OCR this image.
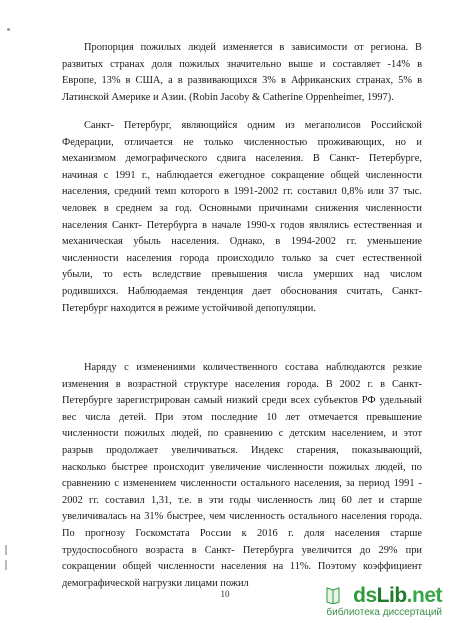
Пропорция пожилых людей изменяется в зависимости от региона. В
развитых странах доля пожилых значительно выше и составляет -14% в
Европе, 13% в США, а в развивающихся 3% в Африканских странах, 5% в
Латинской Америке и Азии. (Robin Jacoby & Catherine Oppenheimer, 1997).
Санкт- Петербург, являющийся одним из мегаполисов Российской
Федерации, отличается не только численностью проживающих, но и
механизмом демографического сдвига населения. В Санкт- Петербурге,
начиная с 1991 г., наблюдается ежегодное сокращение общей численности
населения, средний темп которого в 1991-2002 гг. составил 0,8% или 37 тыс.
человек в среднем за год. Основными причинами снижения численности
населения Санкт- Петербурга в начале 1990-х годов являлись естественная и
механическая убыль населения. Однако, в 1994-2002 гг. уменьшение
численности населения города происходило только за счет естественной
убыли, то есть вследствие превышения числа умерших над числом
родившихся. Наблюдаемая тенденция дает обоснования считать, Санкт-
Петербург находится в режиме устойчивой депопуляции.
Наряду с изменениями количественного состава наблюдаются резкие
изменения в возрастной структуре населения города. В 2002 г. в Санкт-
Петербурге зарегистрирован самый низкий среди всех субъектов РФ удельный
вес числа детей. При этом последние 10 лет отмечается превышение
численности пожилых людей, по сравнению с детским населением, и этот
разрыв продолжает увеличиваться. Индекс старения, показывающий,
насколько быстрее происходит увеличение численности пожилых людей, по
сравнению с изменением численности остального населения, за период 1991 -
2002 гг. составил 1,31, т.е. в эти годы численность лиц 60 лет и старше
увеличивалась на 31% быстрее, чем численность остального населения города.
По прогнозу Госкомстата России к 2016 г. доля населения старше
трудоспособного возраста в Санкт- Петербурга увеличится до 29% при
сокращении общей численности населения на 11%. Поэтому коэффициент
демографической нагрузки лицами пожил
10	dsLib.net
библиотека диссертаций
